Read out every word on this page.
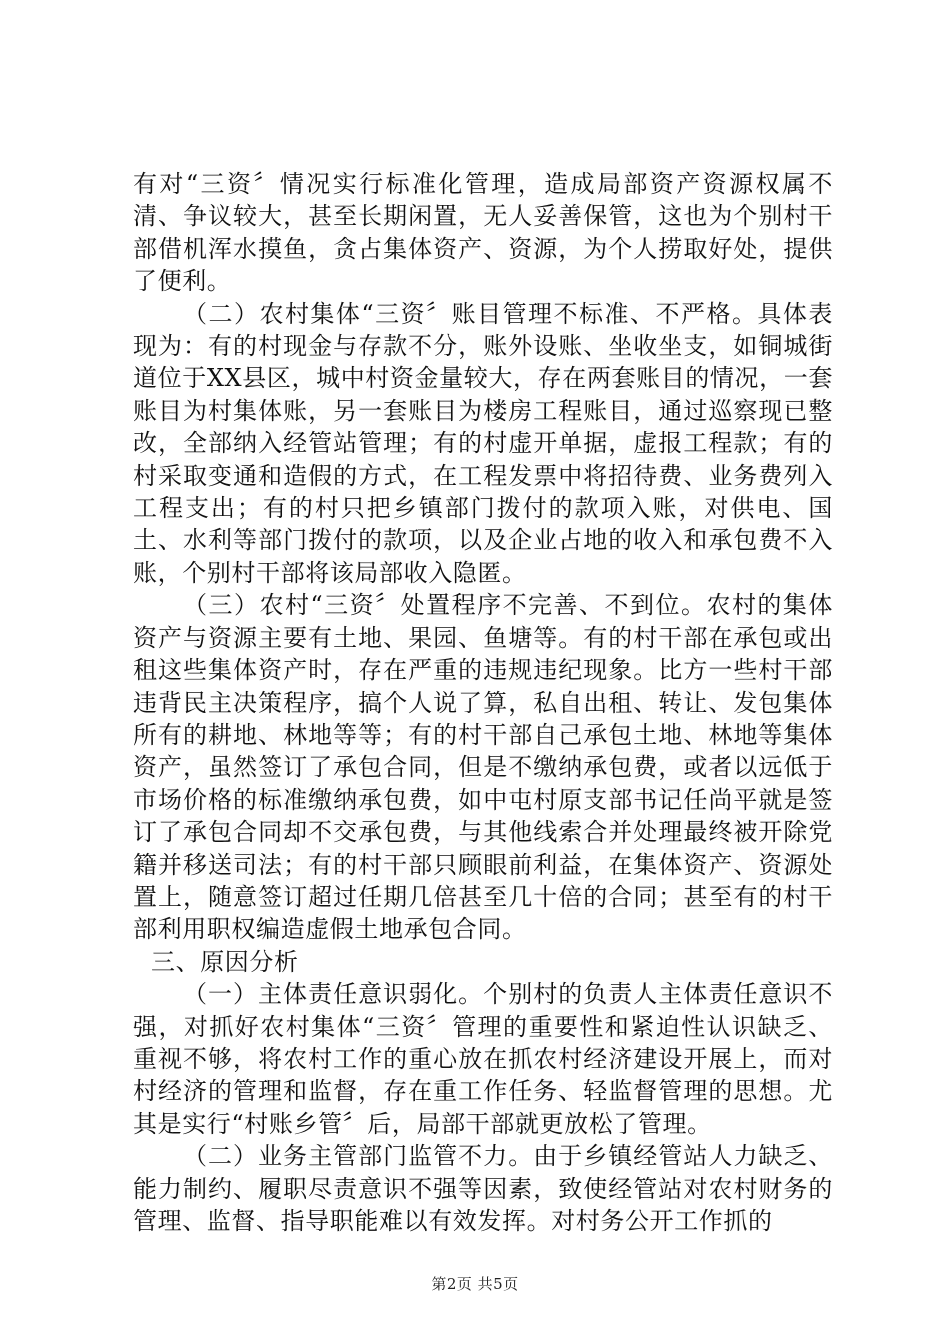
有对“三资〞情况实行标准化管理，造成局部资产资源权属不清、争议较大，甚至长期闲置，无人妥善保管，这也为个别村干部借机浑水摸鱼，贪占集体资产、资源，为个人捞取好处，提供了便利。

（二）农村集体“三资〞账目管理不标准、不严格。具体表现为：有的村现金与存款不分，账外设账、坐收坐支，如铜城街道位于XX县区，城中村资金量较大，存在两套账目的情况，一套账目为村集体账，另一套账目为楼房工程账目，通过巡察现已整改，全部纳入经管站管理；有的村虚开单据，虚报工程款；有的村采取变通和造假的方式，在工程发票中将招待费、业务费列入工程支出；有的村只把乡镇部门拨付的款项入账，对供电、国土、水利等部门拨付的款项，以及企业占地的收入和承包费不入账，个别村干部将该局部收入隐匿。

（三）农村“三资〞处置程序不完善、不到位。农村的集体资产与资源主要有土地、果园、鱼塘等。有的村干部在承包或出租这些集体资产时，存在严重的违规违纪现象。比方一些村干部违背民主决策程序，搞个人说了算，私自出租、转让、发包集体所有的耕地、林地等等；有的村干部自己承包土地、林地等集体资产，虽然签订了承包合同，但是不缴纳承包费，或者以远低于市场价格的标准缴纳承包费，如中屯村原支部书记任尚平就是签订了承包合同却不交承包费，与其他线索合并处理最终被开除党籍并移送司法；有的村干部只顾眼前利益，在集体资产、资源处置上，随意签订超过任期几倍甚至几十倍的合同；甚至有的村干部利用职权编造虚假土地承包合同。

三、原因分析

（一）主体责任意识弱化。个别村的负责人主体责任意识不强，对抓好农村集体“三资〞管理的重要性和紧迫性认识缺乏、重视不够，将农村工作的重心放在抓农村经济建设开展上，而对村经济的管理和监督，存在重工作任务、轻监督管理的思想。尤其是实行“村账乡管〞后，局部干部就更放松了管理。

（二）业务主管部门监管不力。由于乡镇经管站人力缺乏、能力制约、履职尽责意识不强等因素，致使经管站对农村财务的管理、监督、指导职能难以有效发挥。对村务公开工作抓的

第2页 共5页
